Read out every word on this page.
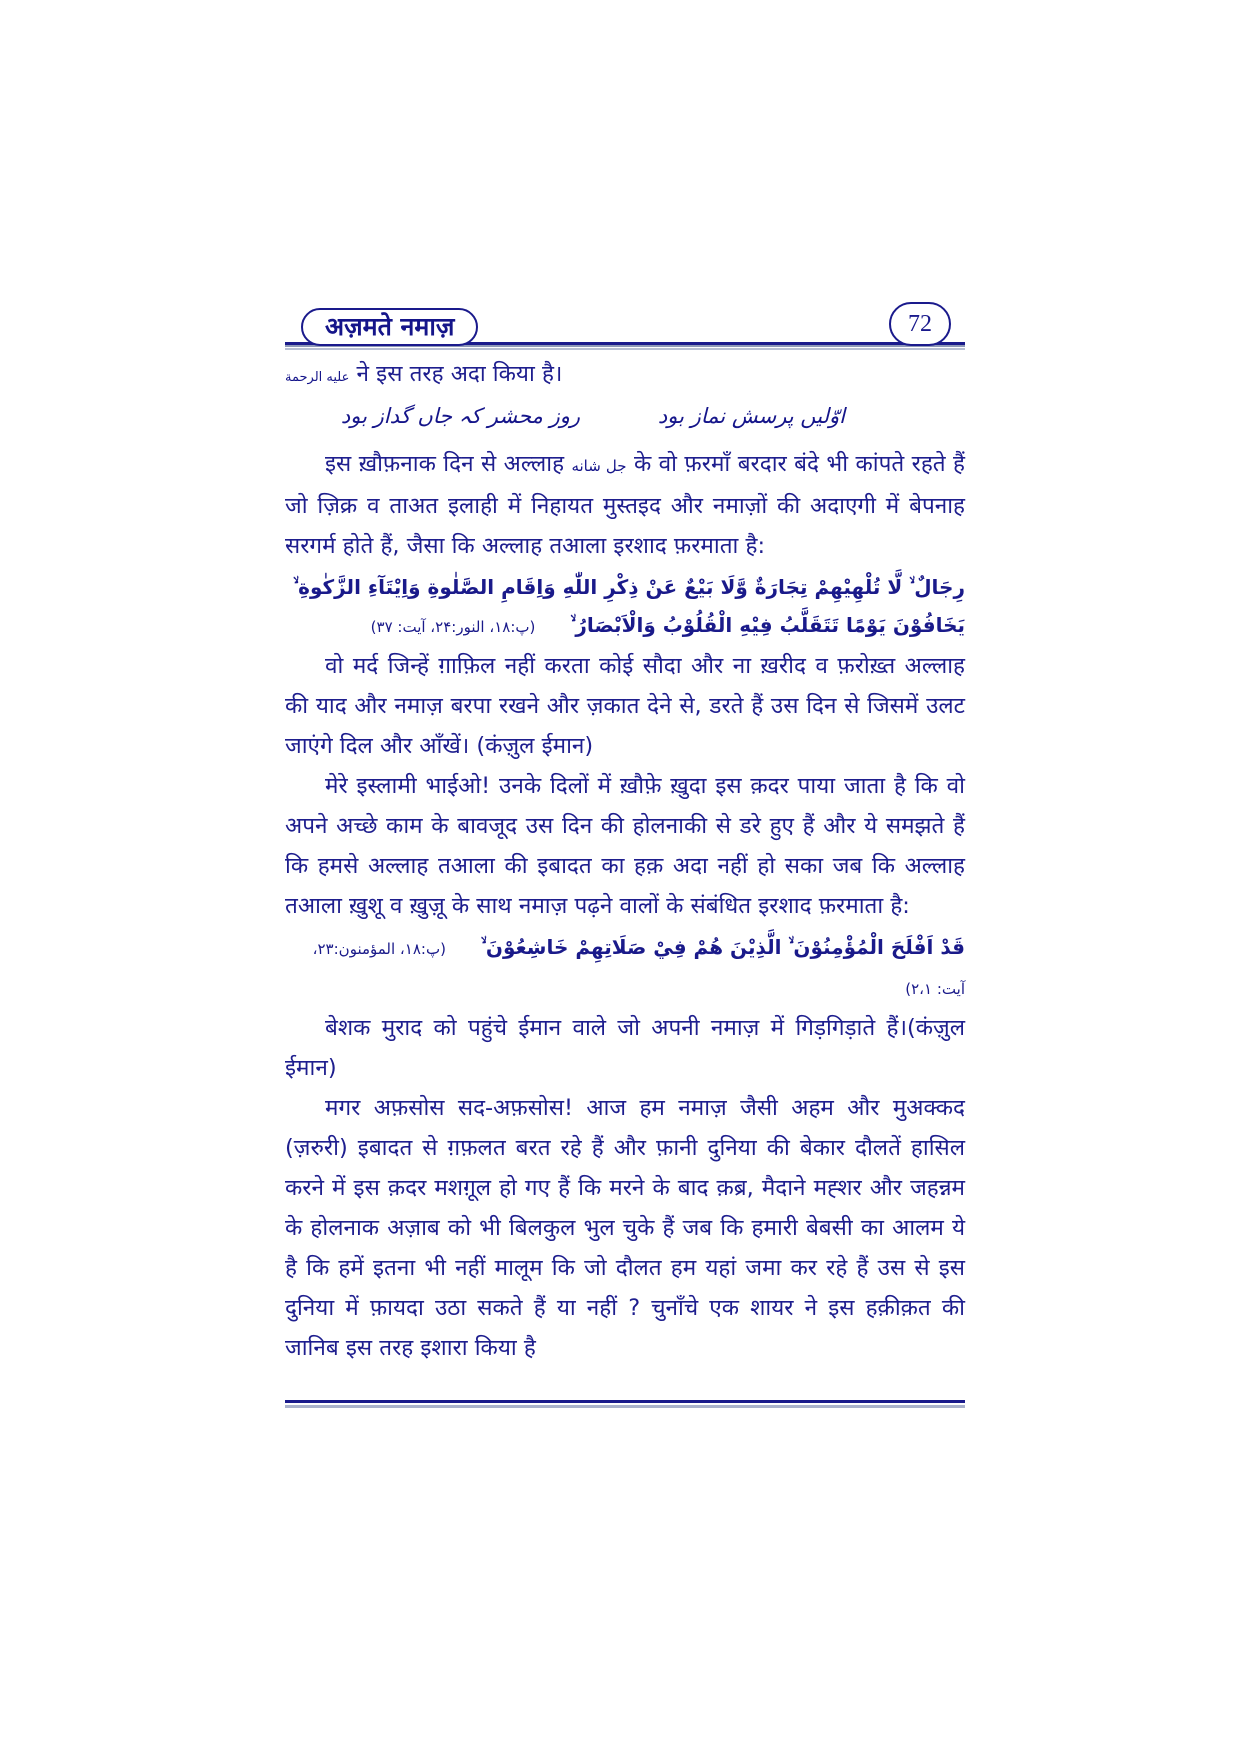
अज़मते नमाज़	72

عليه الرحمة ने इस तरह अदा किया है।

اوّلیں پرسش نماز بود
روز محشر کہ جاں گداز بود

इस ख़ौफ़नाक दिन से अल्लाह جل شانه के वो फ़रमाँ बरदार बंदे भी कांपते रहते हैं जो ज़िक्र व ताअत इलाही में निहायत मुस्तइद और नमाज़ों की अदाएगी में बेपनाह सरगर्म होते हैं, जैसा कि अल्लाह तआला इरशाद फ़रमाता है:

رِجَالٌ ۙ لَّا تُلْهِيْهِمْ تِجَارَةٌ وَّلَا بَيْعٌ عَنْ ذِكْرِ اللّٰهِ وَاِقَامِ الصَّلٰوةِ وَاِيْتَآءِ الزَّكٰوةِ ۙ يَخَافُوْنَ يَوْمًا تَتَقَلَّبُ فِيْهِ الْقُلُوْبُ وَالْاَبْصَارُ ۙ (پ:۱۸، النور:۲۴، آیت: ۳۷)

वो मर्द जिन्हें ग़ाफ़िल नहीं करता कोई सौदा और ना ख़रीद व फ़रोख़्त अल्लाह की याद और नमाज़ बरपा रखने और ज़कात देने से, डरते हैं उस दिन से जिसमें उलट जाएंगे दिल और आँखें। (कंज़ुल ईमान)

मेरे इस्लामी भाईओ! उनके दिलों में ख़ौफ़े ख़ुदा इस क़दर पाया जाता है कि वो अपने अच्छे काम के बावजूद उस दिन की होलनाकी से डरे हुए हैं और ये समझते हैं कि हमसे अल्लाह तआला की इबादत का हक़ अदा नहीं हो सका जब कि अल्लाह तआला ख़ुशू व ख़ुज़ू के साथ नमाज़ पढ़ने वालों के संबंधित इरशाद फ़रमाता है:

قَدْ اَفْلَحَ الْمُؤْمِنُوْنَ ۙ الَّذِيْنَ هُمْ فِيْ صَلَاتِهِمْ خَاشِعُوْنَ ۙ (پ:۱۸، المؤمنون:۲۳، آیت: ۲،۱)

बेशक मुराद को पहुंचे ईमान वाले जो अपनी नमाज़ में गिड़गिड़ाते हैं।(कंज़ुल ईमान)

मगर अफ़सोस सद-अफ़सोस! आज हम नमाज़ जैसी अहम और मुअक्कद (ज़रुरी) इबादत से ग़फ़लत बरत रहे हैं और फ़ानी दुनिया की बेकार दौलतें हासिल करने में इस क़दर मशग़ूल हो गए हैं कि मरने के बाद क़ब्र, मैदाने मह्शर और जहन्नम के होलनाक अज़ाब को भी बिलकुल भुल चुके हैं जब कि हमारी बेबसी का आलम ये है कि हमें इतना भी नहीं मालूम कि जो दौलत हम यहां जमा कर रहे हैं उस से इस दुनिया में फ़ायदा उठा सकते हैं या नहीं ? चुनाँचे एक शायर ने इस हक़ीक़त की जानिब इस तरह इशारा किया है
